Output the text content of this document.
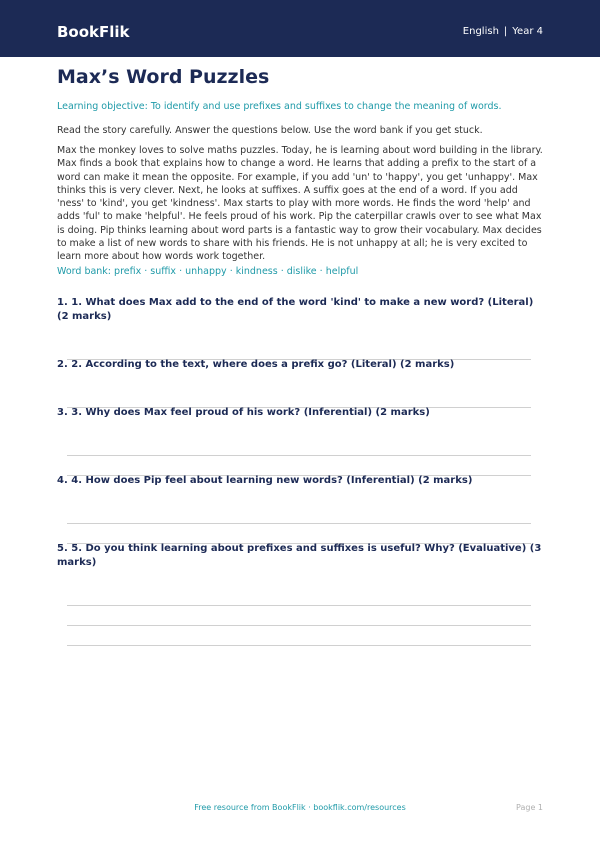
BookFlik	English | Year 4
Max’s Word Puzzles
Learning objective: To identify and use prefixes and suffixes to change the meaning of words.
Read the story carefully. Answer the questions below. Use the word bank if you get stuck.
Max the monkey loves to solve maths puzzles. Today, he is learning about word building in the library. Max finds a book that explains how to change a word. He learns that adding a prefix to the start of a word can make it mean the opposite. For example, if you add 'un' to 'happy', you get 'unhappy'. Max thinks this is very clever. Next, he looks at suffixes. A suffix goes at the end of a word. If you add 'ness' to 'kind', you get 'kindness'. Max starts to play with more words. He finds the word 'help' and adds 'ful' to make 'helpful'. He feels proud of his work. Pip the caterpillar crawls over to see what Max is doing. Pip thinks learning about word parts is a fantastic way to grow their vocabulary. Max decides to make a list of new words to share with his friends. He is not unhappy at all; he is very excited to learn more about how words work together.
Word bank: prefix · suffix · unhappy · kindness · dislike · helpful
1. 1. What does Max add to the end of the word 'kind' to make a new word? (Literal) (2 marks)
2. 2. According to the text, where does a prefix go? (Literal) (2 marks)
3. 3. Why does Max feel proud of his work? (Inferential) (2 marks)
4. 4. How does Pip feel about learning new words? (Inferential) (2 marks)
5. 5. Do you think learning about prefixes and suffixes is useful? Why? (Evaluative) (3 marks)
Free resource from BookFlik · bookflik.com/resources	Page 1
